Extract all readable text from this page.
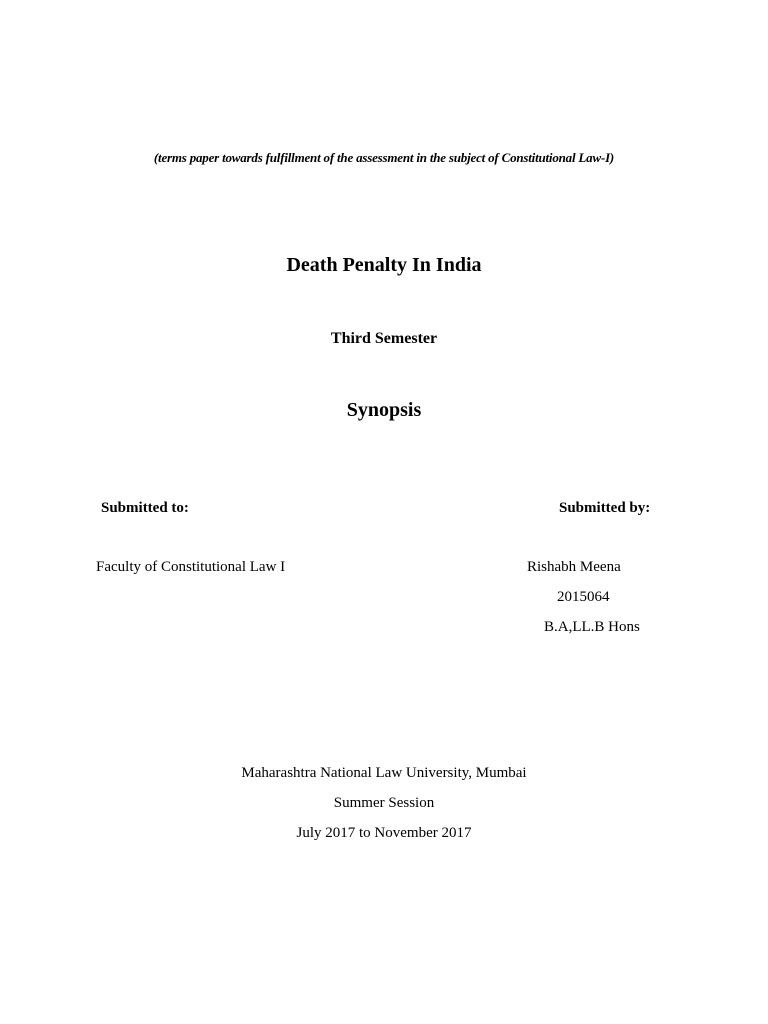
(terms paper towards fulfillment of the assessment in the subject of Constitutional Law-I)
Death Penalty In India
Third Semester
Synopsis
Submitted to:	Submitted by:
Faculty of Constitutional Law I	Rishabh Meena
2015064
B.A,LL.B Hons
Maharashtra National Law University, Mumbai
Summer Session
July 2017 to November 2017
